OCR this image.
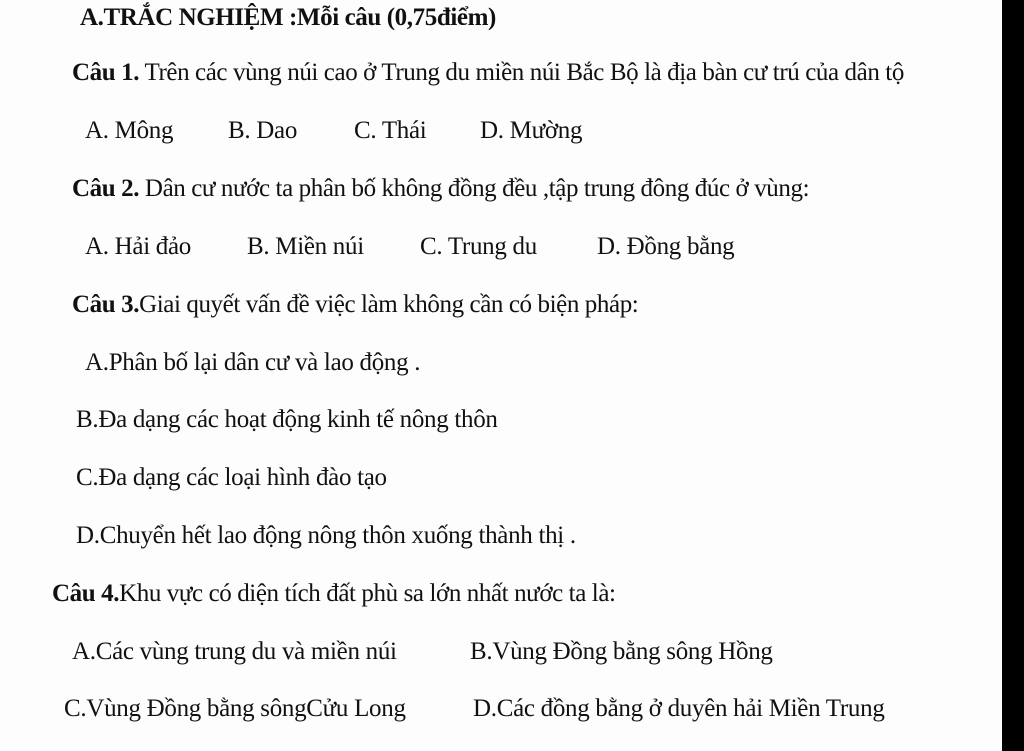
A.TRẮC NGHIỆM :Mỗi câu (0,75điểm)
Câu 1. Trên các vùng núi cao ở Trung du miền núi Bắc Bộ là địa bàn cư trú của dân tộ
A. Mông B. Dao C. Thái D. Mường
Câu 2. Dân cư nước ta phân bố không đồng đều ,tập trung đông đúc ở vùng:
A. Hải đảo B. Miền núi C. Trung du D. Đồng bằng
Câu 3.Giai quyết vấn đề việc làm không cần có biện pháp:
A.Phân bố lại dân cư và lao động .
B.Đa dạng các hoạt động kinh tế nông thôn
C.Đa dạng các loại hình đào tạo
D.Chuyển hết lao động nông thôn xuống thành thị .
Câu 4.Khu vực có diện tích đất phù sa lớn nhất nước ta là:
A.Các vùng trung du và miền núi	B.Vùng Đồng bằng sông Hồng
C.Vùng Đồng bằng sôngCửu Long	D.Các đồng bằng ở duyên hải Miền Trung
